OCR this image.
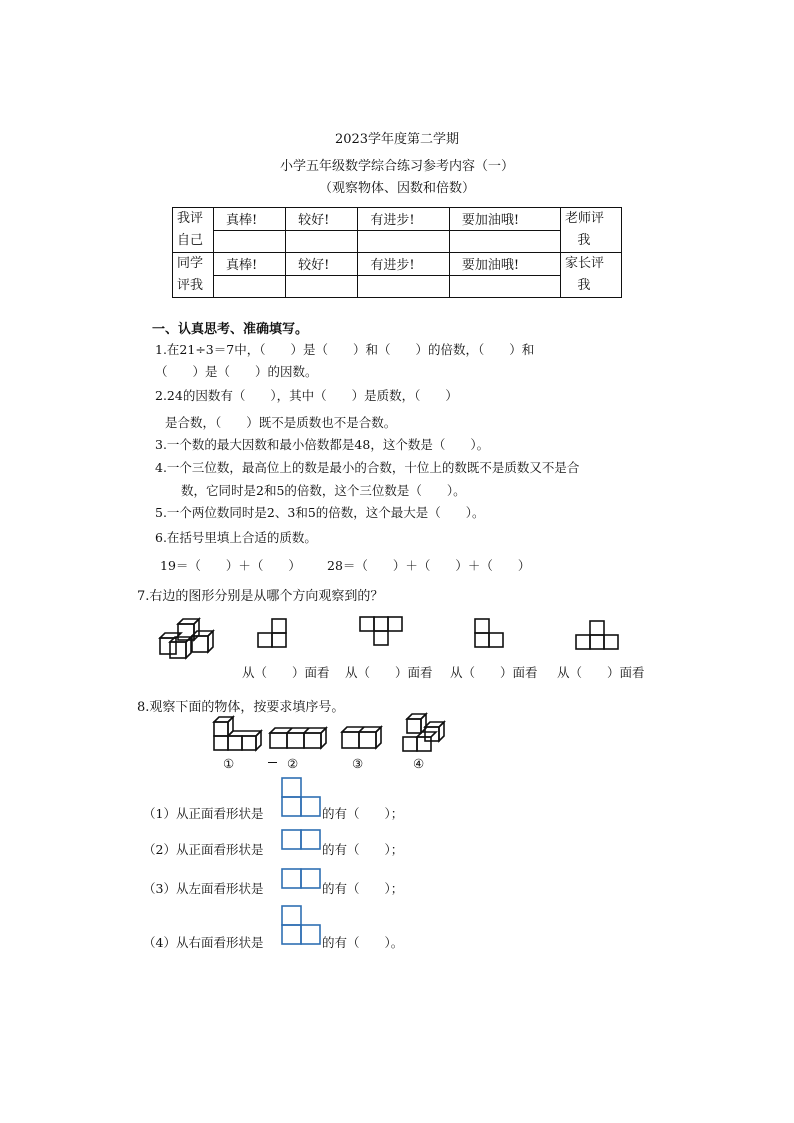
2023学年度第二学期
小学五年级数学综合练习参考内容（一）
（观察物体、因数和倍数）
我评
自己	真棒!	较好!	有进步!	要加油哦!	老师评
我

同学
评我	真棒!	较好!	有进步!	要加油哦!	家长评
我

一、认真思考、准确填写。
1.在21÷3＝7中，（　　）是（　　）和（　　）的倍数，（　　）和
（　　）是（　　）的因数。
2.24的因数有（　　），其中（　　）是质数，（　　）
是合数，（　　）既不是质数也不是合数。
3.一个数的最大因数和最小倍数都是48，这个数是（　　）。
4.一个三位数，最高位上的数是最小的合数，十位上的数既不是质数又不是合
数，它同时是2和5的倍数，这个三位数是（　　）。
5.一个两位数同时是2、3和5的倍数，这个最大是（　　）。
6.在括号里填上合适的质数。
19＝（　　）＋（　　） 28＝（　　）＋（　　）＋（　　）
7.右边的图形分别是从哪个方向观察到的？
从（　　）面看 从（　　）面看 从（　　）面看 从（　　）面看
8.观察下面的物体，按要求填序号。
①	②	③	④
（1）从正面看形状是	的有（　　）；
（2）从正面看形状是	的有（　　）；
（3）从左面看形状是	的有（　　）；
（4）从右面看形状是	的有（　　）。
